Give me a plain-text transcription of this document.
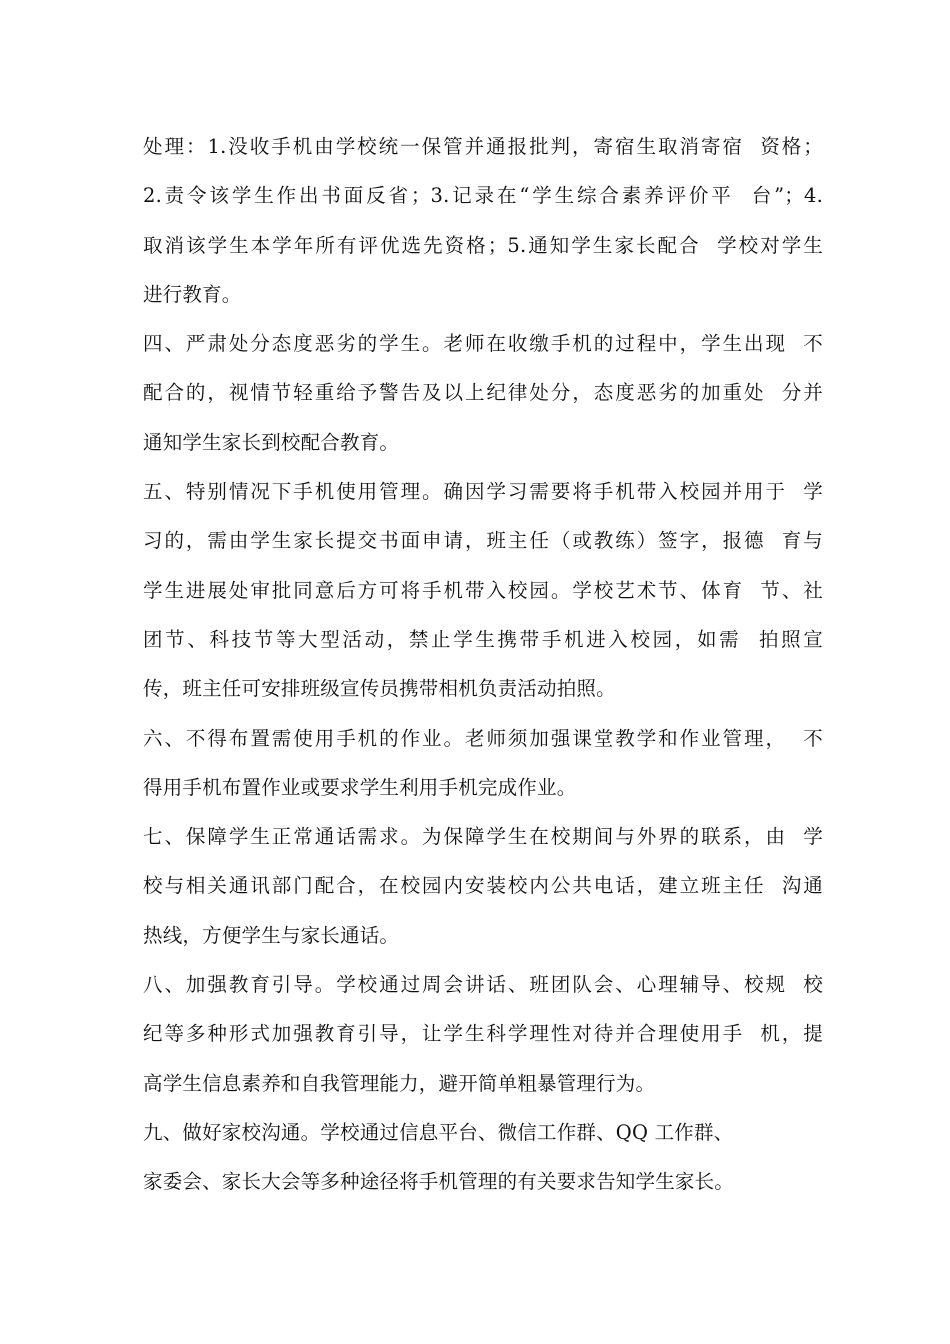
处理：1.没收手机由学校统一保管并通报批判，寄宿生取消寄宿  资格；
2.责令该学生作出书面反省；3.记录在“学生综合素养评价平  台”；4.
取消该学生本学年所有评优选先资格；5.通知学生家长配合  学校对学生
进行教育。
四、严肃处分态度恶劣的学生。老师在收缴手机的过程中，学生出现  不
配合的，视情节轻重给予警告及以上纪律处分，态度恶劣的加重处  分并
通知学生家长到校配合教育。
五、特别情况下手机使用管理。确因学习需要将手机带入校园并用于  学
习的，需由学生家长提交书面申请，班主任（或教练）签字，报德  育与
学生进展处审批同意后方可将手机带入校园。学校艺术节、体育  节、社
团节、科技节等大型活动，禁止学生携带手机进入校园，如需  拍照宣
传，班主任可安排班级宣传员携带相机负责活动拍照。
六、不得布置需使用手机的作业。老师须加强课堂教学和作业管理，  不
得用手机布置作业或要求学生利用手机完成作业。
七、保障学生正常通话需求。为保障学生在校期间与外界的联系，由  学
校与相关通讯部门配合，在校园内安装校内公共电话，建立班主任  沟通
热线，方便学生与家长通话。
八、加强教育引导。学校通过周会讲话、班团队会、心理辅导、校规  校
纪等多种形式加强教育引导，让学生科学理性对待并合理使用手  机，提
高学生信息素养和自我管理能力，避开简单粗暴管理行为。
九、做好家校沟通。学校通过信息平台、微信工作群、QQ 工作群、
家委会、家长大会等多种途径将手机管理的有关要求告知学生家长。
